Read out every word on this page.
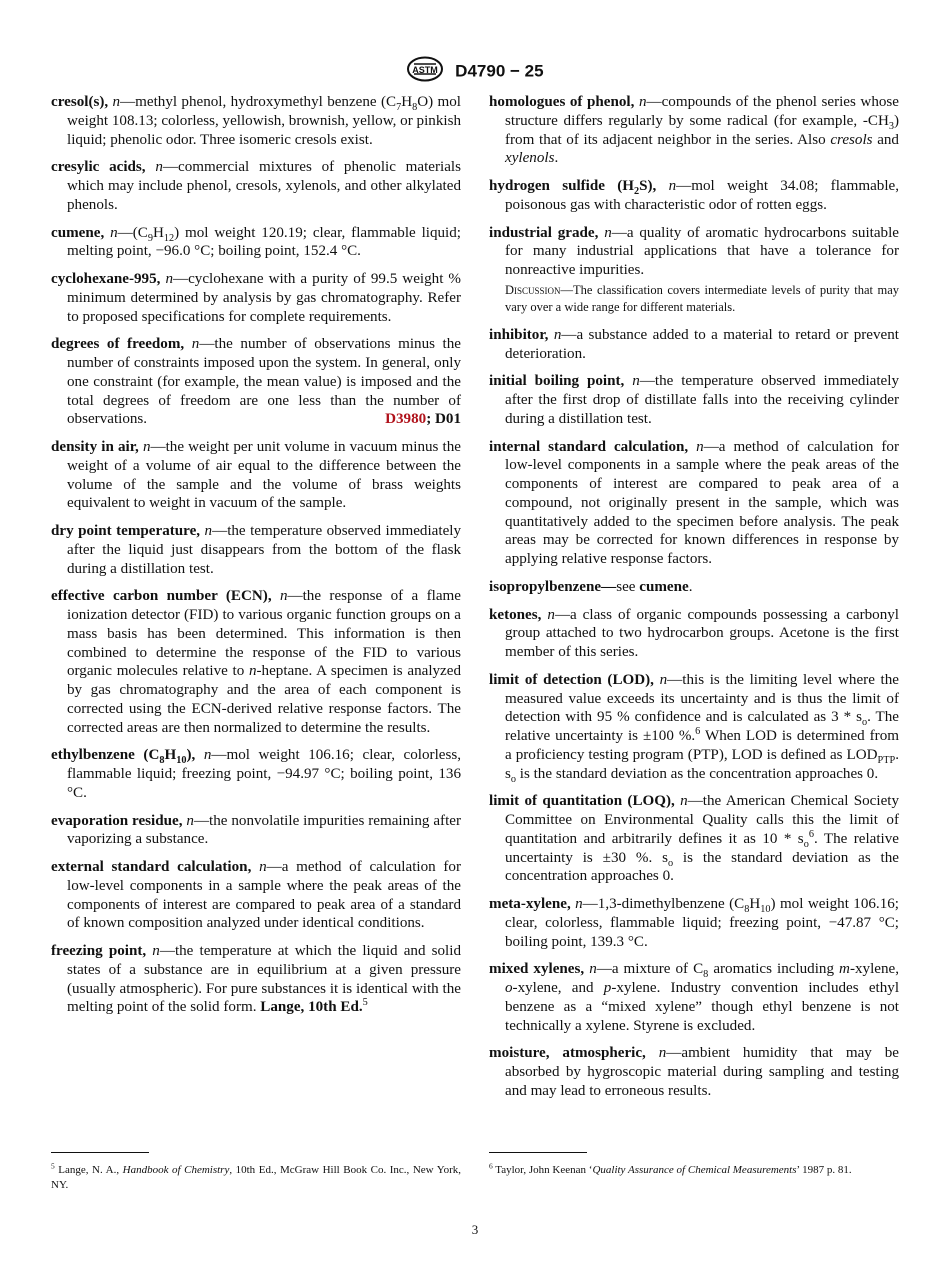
ASTM D4790 − 25

cresol(s), n—methyl phenol, hydroxymethyl benzene $(C_7H_8O)$ mol weight 108.13; colorless, yellowish, brownish, yellow, or pinkish liquid; phenolic odor. Three isomeric cresols exist.

cresylic acids, n—commercial mixtures of phenolic materials which may include phenol, cresols, xylenols, and other alkylated phenols.

cumene, $n—(C_9H_{12})$ mol weight 120.19; clear, flammable liquid; melting point, −96.0 °C; boiling point, 152.4 °C.

cyclohexane-995, n—cyclohexane with a purity of 99.5 weight % minimum determined by analysis by gas chromatography. Refer to proposed specifications for complete requirements.

degrees of freedom, n—the number of observations minus the number of constraints imposed upon the system. In general, only one constraint (for example, the mean value) is imposed and the total degrees of freedom are one less than the number of observations.	D3980; D01

density in air, n—the weight per unit volume in vacuum minus the weight of a volume of air equal to the difference between the volume of the sample and the volume of brass weights equivalent to weight in vacuum of the sample.

dry point temperature, n—the temperature observed immediately after the liquid just disappears from the bottom of the flask during a distillation test.

effective carbon number (ECN), n—the response of a flame ionization detector (FID) to various organic function groups on a mass basis has been determined. This information is then combined to determine the response of the FID to various organic molecules relative to n-heptane. A specimen is analyzed by gas chromatography and the area of each component is corrected using the ECN-derived relative response factors. The corrected areas are then normalized to determine the results.

ethylbenzene $(C_8H_{10})$, n—mol weight 106.16; clear, colorless, flammable liquid; freezing point, −94.97 °C; boiling point, 136 °C.

evaporation residue, n—the nonvolatile impurities remaining after vaporizing a substance.

external standard calculation, n—a method of calculation for low-level components in a sample where the peak areas of the components of interest are compared to peak area of a standard of known composition analyzed under identical conditions.

freezing point, n—the temperature at which the liquid and solid states of a substance are in equilibrium at a given pressure (usually atmospheric). For pure substances it is identical with the melting point of the solid form. Lange, 10th Ed.$^5$

homologues of phenol, n—compounds of the phenol series whose structure differs regularly by some radical (for example, $-CH_3$) from that of its adjacent neighbor in the series. Also cresols and xylenols.

hydrogen sulfide $(H_2S)$, n—mol weight 34.08; flammable, poisonous gas with characteristic odor of rotten eggs.

industrial grade, n—a quality of aromatic hydrocarbons suitable for many industrial applications that have a tolerance for nonreactive impurities.

Discussion—The classification covers intermediate levels of purity that may vary over a wide range for different materials.

inhibitor, n—a substance added to a material to retard or prevent deterioration.

initial boiling point, n—the temperature observed immediately after the first drop of distillate falls into the receiving cylinder during a distillation test.

internal standard calculation, n—a method of calculation for low-level components in a sample where the peak areas of the components of interest are compared to peak area of a compound, not originally present in the sample, which was quantitatively added to the specimen before analysis. The peak areas may be corrected for known differences in response by applying relative response factors.

isopropylbenzene—see cumene.

ketones, n—a class of organic compounds possessing a carbonyl group attached to two hydrocarbon groups. Acetone is the first member of this series.

limit of detection (LOD), n—this is the limiting level where the measured value exceeds its uncertainty and is thus the limit of detection with 95 % confidence and is calculated as $3 * s_o$. The relative uncertainty is ±100 %.$^6$ When LOD is determined from a proficiency testing program (PTP), LOD is defined as $LOD_{PTP}$. $s_o$ is the standard deviation as the concentration approaches 0.

limit of quantitation (LOQ), n—the American Chemical Society Committee on Environmental Quality calls this the limit of quantitation and arbitrarily defines it as $10 * s_o^6$. The relative uncertainty is ±30 %. $s_o$ is the standard deviation as the concentration approaches 0.

meta-xylene, n—1,3-dimethylbenzene $(C_8H_{10})$ mol weight 106.16; clear, colorless, flammable liquid; freezing point, −47.87 °C; boiling point, 139.3 °C.

mixed xylenes, n—a mixture of $C_8$ aromatics including m-xylene, o-xylene, and p-xylene. Industry convention includes ethyl benzene as a “mixed xylene” though ethyl benzene is not technically a xylene. Styrene is excluded.

moisture, atmospheric, n—ambient humidity that may be absorbed by hygroscopic material during sampling and testing and may lead to erroneous results.

$^5$ Lange, N. A., Handbook of Chemistry, 10th Ed., McGraw Hill Book Co. Inc., New York, NY.
$^6$ Taylor, John Keenan ‘Quality Assurance of Chemical Measurements’ 1987 p. 81.
3
